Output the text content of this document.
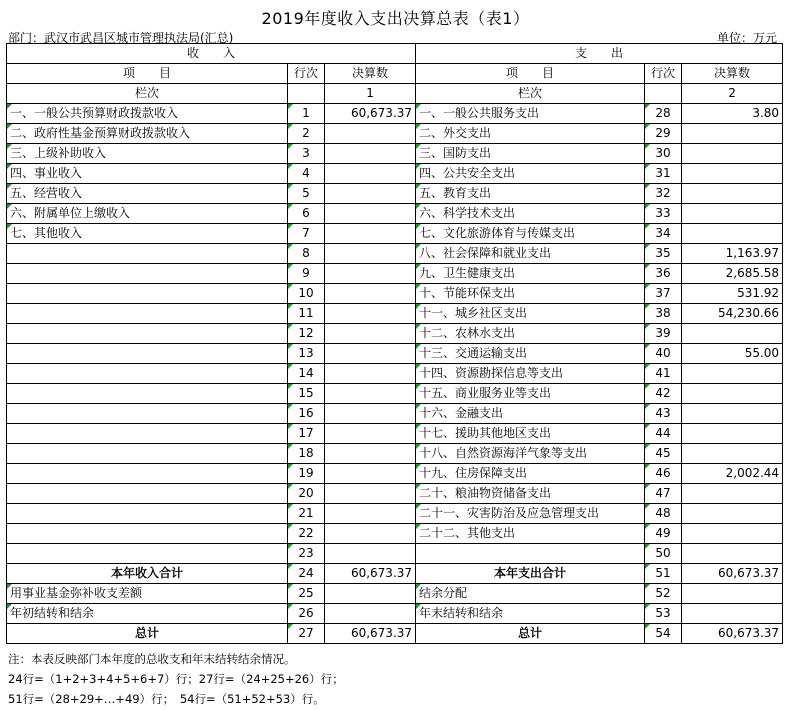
2019年度收入支出决算总表（表1）
部门：武汉市武昌区城市管理执法局(汇总)	单位：万元
收　　入			支　　出		
项　　目	行次	决算数	项　　目	行次	决算数
栏次		1	栏次		2
一、一般公共预算财政拨款收入	1	60,673.37	一、一般公共服务支出	28	3.80
二、政府性基金预算财政拨款收入	2		二、外交支出	29	
三、上级补助收入	3		三、国防支出	30	
四、事业收入	4		四、公共安全支出	31	
五、经营收入	5		五、教育支出	32	
六、附属单位上缴收入	6		六、科学技术支出	33	
七、其他收入	7		七、文化旅游体育与传媒支出	34	
	8		八、社会保障和就业支出	35	1,163.97
	9		九、卫生健康支出	36	2,685.58
	10		十、节能环保支出	37	531.92
	11		十一、城乡社区支出	38	54,230.66
	12		十二、农林水支出	39	
	13		十三、交通运输支出	40	55.00
	14		十四、资源勘探信息等支出	41	
	15		十五、商业服务业等支出	42	
	16		十六、金融支出	43	
	17		十七、援助其他地区支出	44	
	18		十八、自然资源海洋气象等支出	45	
	19		十九、住房保障支出	46	2,002.44
	20		二十、粮油物资储备支出	47	
	21		二十一、灾害防治及应急管理支出	48	
	22		二十二、其他支出	49	
	23			50	
本年收入合计	24	60,673.37	本年支出合计	51	60,673.37
用事业基金弥补收支差额	25		结余分配	52	
年初结转和结余	26		年末结转和结余	53	
总计	27	60,673.37	总计	54	60,673.37
注：本表反映部门本年度的总收支和年末结转结余情况。
24行=（1+2+3+4+5+6+7）行；27行=（24+25+26）行；
51行=（28+29+…+49）行；　54行=（51+52+53）行。
